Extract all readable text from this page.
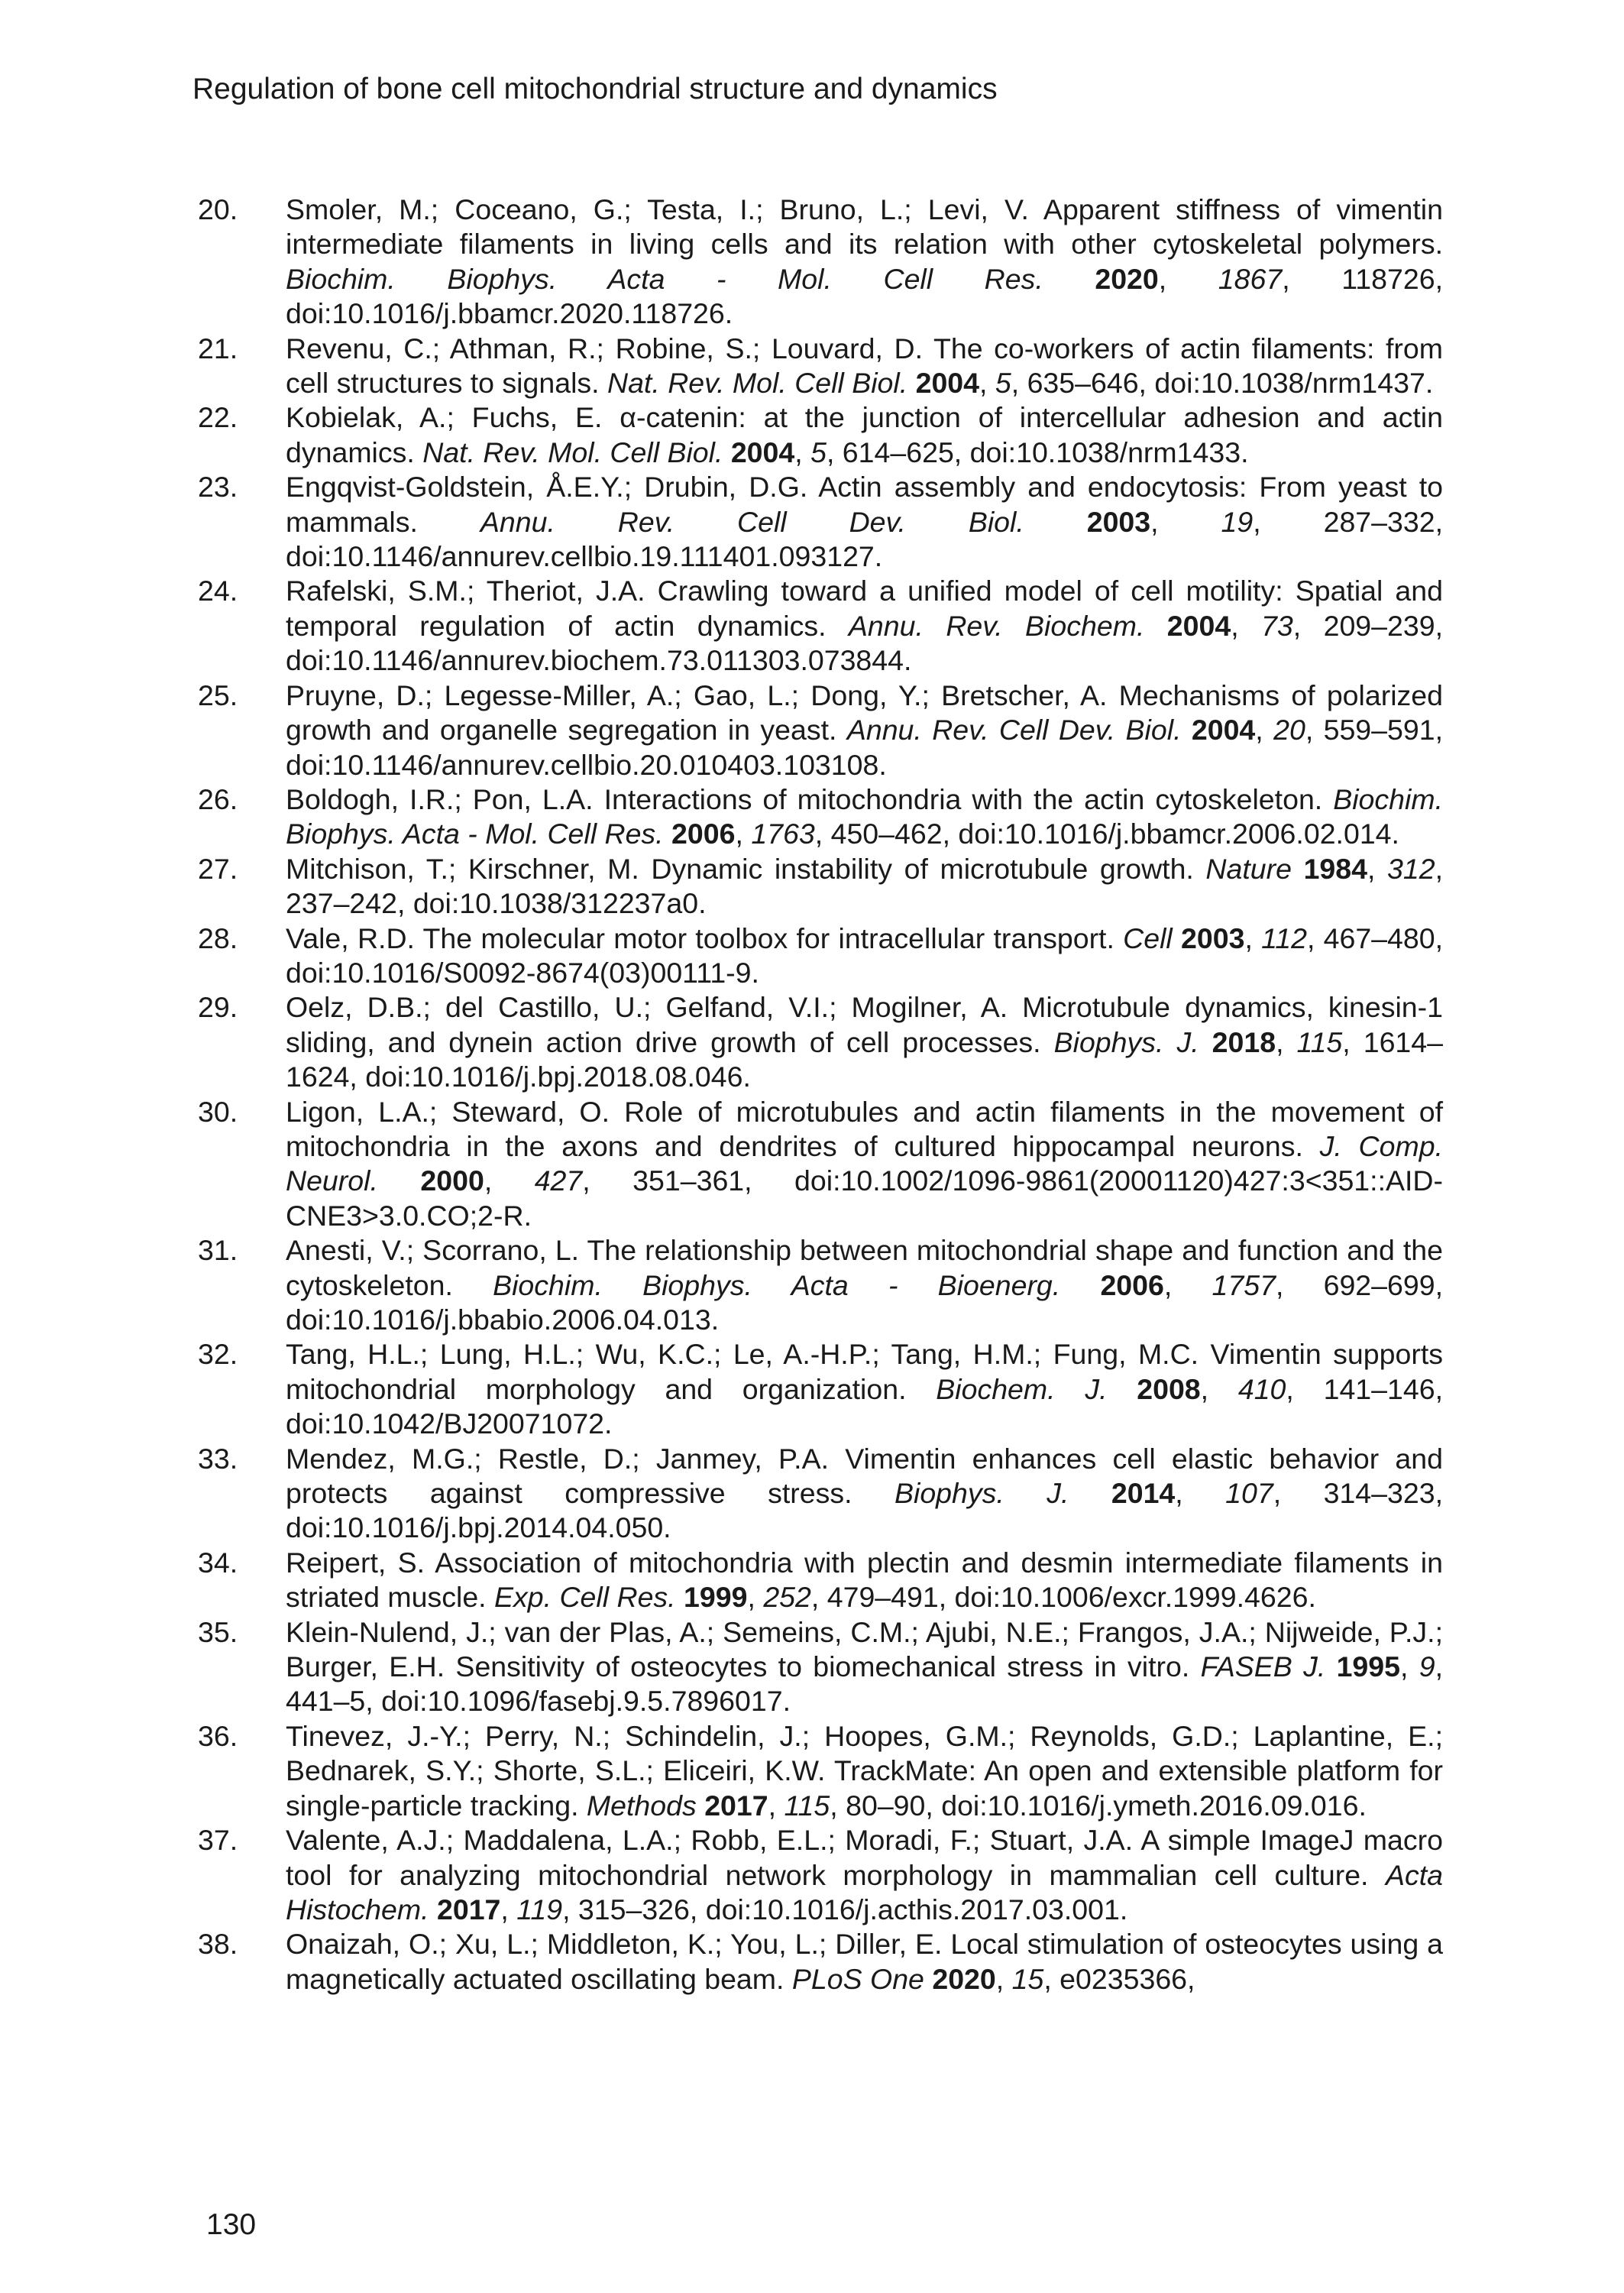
Regulation of bone cell mitochondrial structure and dynamics
20.	Smoler, M.; Coceano, G.; Testa, I.; Bruno, L.; Levi, V. Apparent stiffness of vimentin intermediate filaments in living cells and its relation with other cytoskeletal polymers. Biochim. Biophys. Acta - Mol. Cell Res. 2020, 1867, 118726, doi:10.1016/j.bbamcr.2020.118726.
21.	Revenu, C.; Athman, R.; Robine, S.; Louvard, D. The co-workers of actin filaments: from cell structures to signals. Nat. Rev. Mol. Cell Biol. 2004, 5, 635–646, doi:10.1038/nrm1437.
22.	Kobielak, A.; Fuchs, E. α-catenin: at the junction of intercellular adhesion and actin dynamics. Nat. Rev. Mol. Cell Biol. 2004, 5, 614–625, doi:10.1038/nrm1433.
23.	Engqvist-Goldstein, Å.E.Y.; Drubin, D.G. Actin assembly and endocytosis: From yeast to mammals. Annu. Rev. Cell Dev. Biol. 2003, 19, 287–332, doi:10.1146/annurev.cellbio.19.111401.093127.
24.	Rafelski, S.M.; Theriot, J.A. Crawling toward a unified model of cell motility: Spatial and temporal regulation of actin dynamics. Annu. Rev. Biochem. 2004, 73, 209–239, doi:10.1146/annurev.biochem.73.011303.073844.
25.	Pruyne, D.; Legesse-Miller, A.; Gao, L.; Dong, Y.; Bretscher, A. Mechanisms of polarized growth and organelle segregation in yeast. Annu. Rev. Cell Dev. Biol. 2004, 20, 559–591, doi:10.1146/annurev.cellbio.20.010403.103108.
26.	Boldogh, I.R.; Pon, L.A. Interactions of mitochondria with the actin cytoskeleton. Biochim. Biophys. Acta - Mol. Cell Res. 2006, 1763, 450–462, doi:10.1016/j.bbamcr.2006.02.014.
27.	Mitchison, T.; Kirschner, M. Dynamic instability of microtubule growth. Nature 1984, 312, 237–242, doi:10.1038/312237a0.
28.	Vale, R.D. The molecular motor toolbox for intracellular transport. Cell 2003, 112, 467–480, doi:10.1016/S0092-8674(03)00111-9.
29.	Oelz, D.B.; del Castillo, U.; Gelfand, V.I.; Mogilner, A. Microtubule dynamics, kinesin-1 sliding, and dynein action drive growth of cell processes. Biophys. J. 2018, 115, 1614–1624, doi:10.1016/j.bpj.2018.08.046.
30.	Ligon, L.A.; Steward, O. Role of microtubules and actin filaments in the movement of mitochondria in the axons and dendrites of cultured hippocampal neurons. J. Comp. Neurol. 2000, 427, 351–361, doi:10.1002/1096-9861(20001120)427:3<351::AID-CNE3>3.0.CO;2-R.
31.	Anesti, V.; Scorrano, L. The relationship between mitochondrial shape and function and the cytoskeleton. Biochim. Biophys. Acta - Bioenerg. 2006, 1757, 692–699, doi:10.1016/j.bbabio.2006.04.013.
32.	Tang, H.L.; Lung, H.L.; Wu, K.C.; Le, A.-H.P.; Tang, H.M.; Fung, M.C. Vimentin supports mitochondrial morphology and organization. Biochem. J. 2008, 410, 141–146, doi:10.1042/BJ20071072.
33.	Mendez, M.G.; Restle, D.; Janmey, P.A. Vimentin enhances cell elastic behavior and protects against compressive stress. Biophys. J. 2014, 107, 314–323, doi:10.1016/j.bpj.2014.04.050.
34.	Reipert, S. Association of mitochondria with plectin and desmin intermediate filaments in striated muscle. Exp. Cell Res. 1999, 252, 479–491, doi:10.1006/excr.1999.4626.
35.	Klein-Nulend, J.; van der Plas, A.; Semeins, C.M.; Ajubi, N.E.; Frangos, J.A.; Nijweide, P.J.; Burger, E.H. Sensitivity of osteocytes to biomechanical stress in vitro. FASEB J. 1995, 9, 441–5, doi:10.1096/fasebj.9.5.7896017.
36.	Tinevez, J.-Y.; Perry, N.; Schindelin, J.; Hoopes, G.M.; Reynolds, G.D.; Laplantine, E.; Bednarek, S.Y.; Shorte, S.L.; Eliceiri, K.W. TrackMate: An open and extensible platform for single-particle tracking. Methods 2017, 115, 80–90, doi:10.1016/j.ymeth.2016.09.016.
37.	Valente, A.J.; Maddalena, L.A.; Robb, E.L.; Moradi, F.; Stuart, J.A. A simple ImageJ macro tool for analyzing mitochondrial network morphology in mammalian cell culture. Acta Histochem. 2017, 119, 315–326, doi:10.1016/j.acthis.2017.03.001.
38.	Onaizah, O.; Xu, L.; Middleton, K.; You, L.; Diller, E. Local stimulation of osteocytes using a magnetically actuated oscillating beam. PLoS One 2020, 15, e0235366,
130
